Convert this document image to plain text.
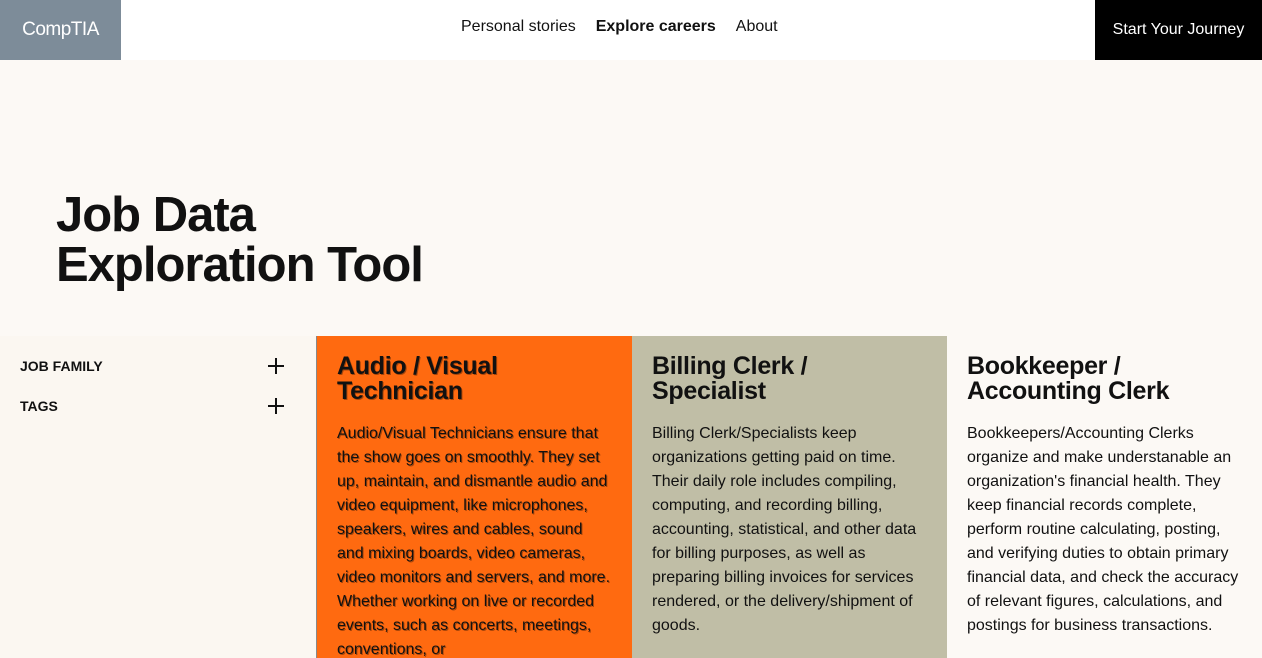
CompTIA	Personal stories Explore careers About	Start Your Journey
Job Data
Exploration Tool
JOB FAMILY
TAGS
Audio / Visual Technician

Audio/Visual Technicians ensure that the show goes on smoothly. They set up, maintain, and dismantle audio and video equipment, like microphones, speakers, wires and cables, sound and mixing boards, video cameras, video monitors and servers, and more. Whether working on live or recorded events, such as concerts, meetings, conventions, or

Billing Clerk / Specialist

Billing Clerk/Specialists keep organizations getting paid on time. Their daily role includes compiling, computing, and recording billing, accounting, statistical, and other data for billing purposes, as well as preparing billing invoices for services rendered, or the delivery/shipment of goods.

Bookkeeper / Accounting Clerk

Bookkeepers/Accounting Clerks organize and make understanable an organization's financial health. They keep financial records complete, perform routine calculating, posting, and verifying duties to obtain primary financial data, and check the accuracy of relevant figures, calculations, and postings for business transactions.
